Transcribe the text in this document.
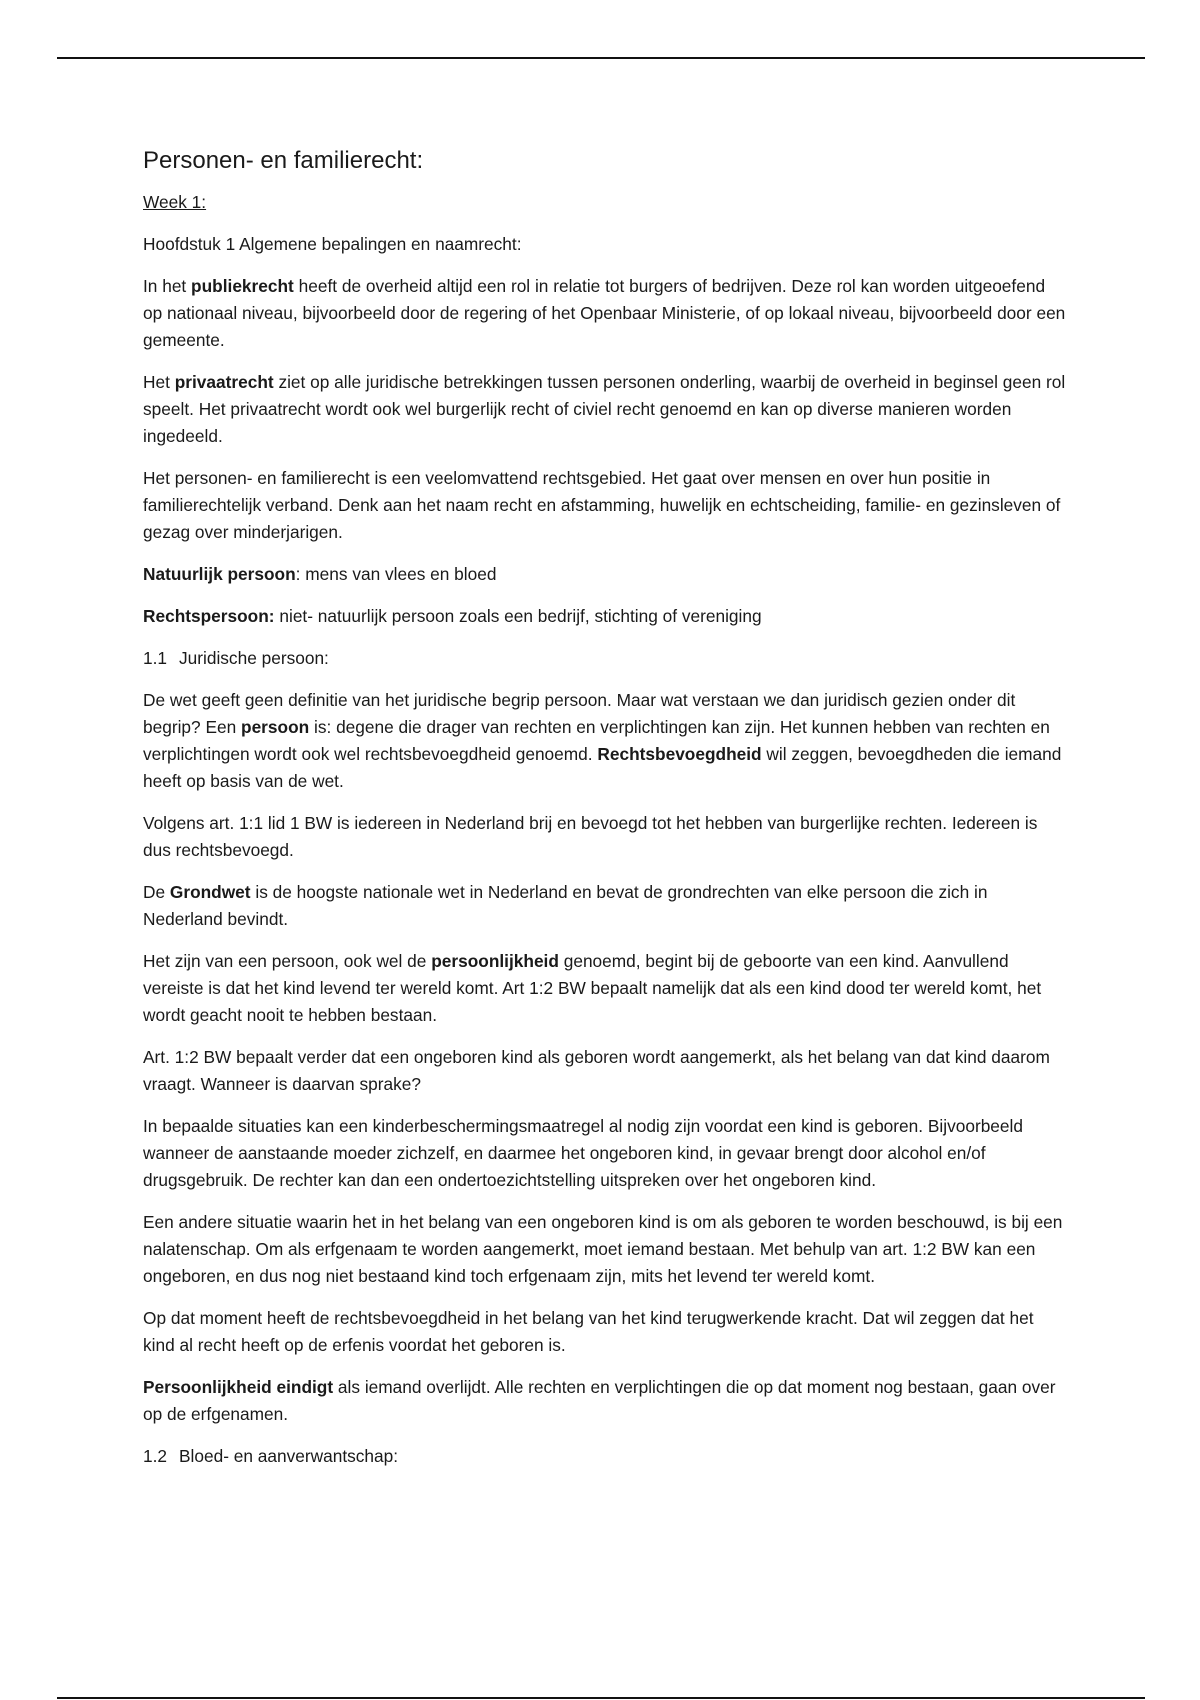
Personen- en familierecht:
Week 1:
Hoofdstuk 1 Algemene bepalingen en naamrecht:
In het publiekrecht heeft de overheid altijd een rol in relatie tot burgers of bedrijven. Deze rol kan worden uitgeoefend op nationaal niveau, bijvoorbeeld door de regering of het Openbaar Ministerie, of op lokaal niveau, bijvoorbeeld door een gemeente.
Het privaatrecht ziet op alle juridische betrekkingen tussen personen onderling, waarbij de overheid in beginsel geen rol speelt. Het privaatrecht wordt ook wel burgerlijk recht of civiel recht genoemd en kan op diverse manieren worden ingedeeld.
Het personen- en familierecht is een veelomvattend rechtsgebied. Het gaat over mensen en over hun positie in familierechtelijk verband. Denk aan het naam recht en afstamming, huwelijk en echtscheiding, familie- en gezinsleven of gezag over minderjarigen.
Natuurlijk persoon: mens van vlees en bloed
Rechtspersoon: niet- natuurlijk persoon zoals een bedrijf, stichting of vereniging
1.1 Juridische persoon:
De wet geeft geen definitie van het juridische begrip persoon. Maar wat verstaan we dan juridisch gezien onder dit begrip? Een persoon is: degene die drager van rechten en verplichtingen kan zijn. Het kunnen hebben van rechten en verplichtingen wordt ook wel rechtsbevoegdheid genoemd. Rechtsbevoegdheid wil zeggen, bevoegdheden die iemand heeft op basis van de wet.
Volgens art. 1:1 lid 1 BW is iedereen in Nederland brij en bevoegd tot het hebben van burgerlijke rechten. Iedereen is dus rechtsbevoegd.
De Grondwet is de hoogste nationale wet in Nederland en bevat de grondrechten van elke persoon die zich in Nederland bevindt.
Het zijn van een persoon, ook wel de persoonlijkheid genoemd, begint bij de geboorte van een kind. Aanvullend vereiste is dat het kind levend ter wereld komt. Art 1:2 BW bepaalt namelijk dat als een kind dood ter wereld komt, het wordt geacht nooit te hebben bestaan.
Art. 1:2 BW bepaalt verder dat een ongeboren kind als geboren wordt aangemerkt, als het belang van dat kind daarom vraagt. Wanneer is daarvan sprake?
In bepaalde situaties kan een kinderbeschermingsmaatregel al nodig zijn voordat een kind is geboren. Bijvoorbeeld wanneer de aanstaande moeder zichzelf, en daarmee het ongeboren kind, in gevaar brengt door alcohol en/of drugsgebruik. De rechter kan dan een ondertoezichtstelling uitspreken over het ongeboren kind.
Een andere situatie waarin het in het belang van een ongeboren kind is om als geboren te worden beschouwd, is bij een nalatenschap. Om als erfgenaam te worden aangemerkt, moet iemand bestaan. Met behulp van art. 1:2 BW kan een ongeboren, en dus nog niet bestaand kind toch erfgenaam zijn, mits het levend ter wereld komt.
Op dat moment heeft de rechtsbevoegdheid in het belang van het kind terugwerkende kracht. Dat wil zeggen dat het kind al recht heeft op de erfenis voordat het geboren is.
Persoonlijkheid eindigt als iemand overlijdt. Alle rechten en verplichtingen die op dat moment nog bestaan, gaan over op de erfgenamen.
1.2 Bloed- en aanverwantschap:
